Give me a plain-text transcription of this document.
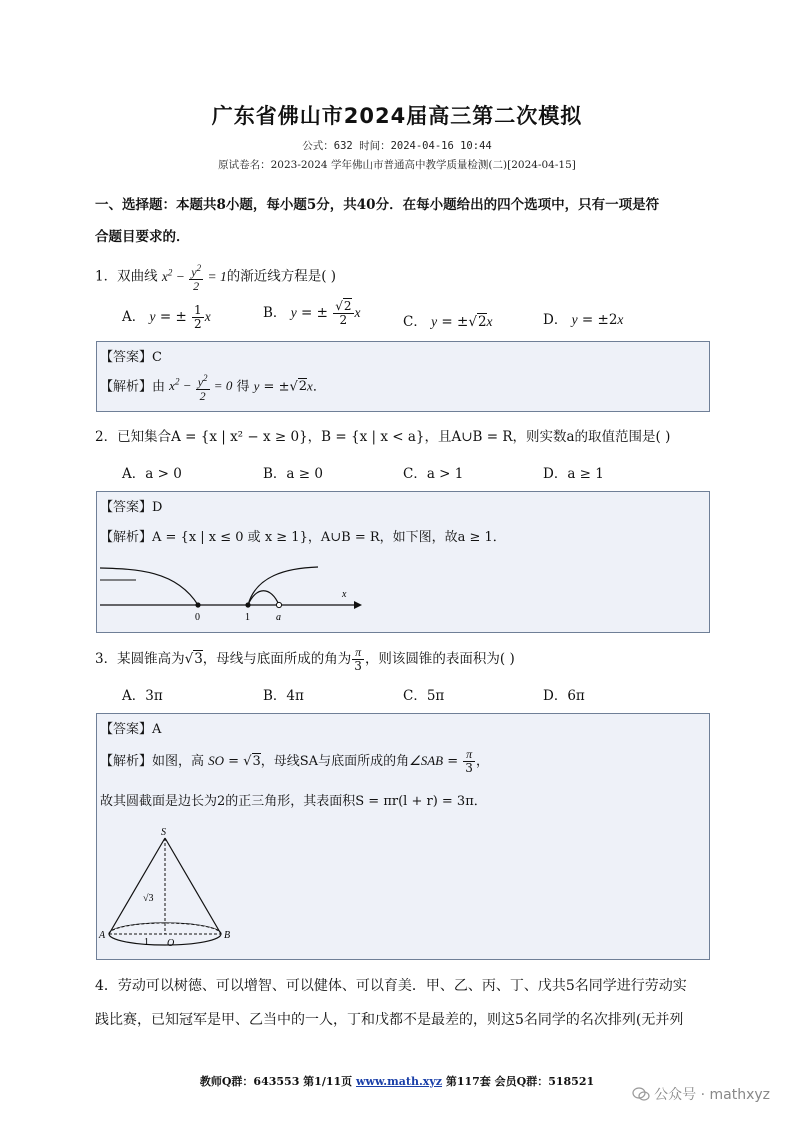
广东省佛山市2024届高三第二次模拟
公式：632 时间：2024-04-16 10:44
原试卷名：2023-2024 学年佛山市普通高中教学质量检测(二)[2024-04-15]
一、选择题：本题共8小题，每小题5分，共40分．在每小题给出的四个选项中，只有一项是符
合题目要求的．
1．双曲线 $x^2 - \frac{y^2}{2} = 1$的渐近线方程是( )
A． y = ± $\frac{1}{2}$ x	B． y = ± $\frac{√2}{2}$ x
C． y = ±√2x	D． y = ±2x
【答案】C
【解析】由 $x^2 - \frac{y^2}{2} = 0$ 得 y = ±√2x．
2．已知集合A = {x | x² − x ≥ 0}，B = {x | x < a}，且A∪B = R，则实数a的取值范围是( )
A．a > 0	B．a ≥ 0	C．a > 1	D．a ≥ 1
【答案】D
【解析】A = {x | x ≤ 0 或 x ≥ 1}，A∪B = R，如下图，故a ≥ 1．
0	1	a
x
3．某圆锥高为√3，母线与底面所成的角为 $\frac{\pi}{3}$ ，则该圆锥的表面积为( )
A．3π	B．4π	C．5π	D．6π
【答案】A
【解析】如图，高 SO = √3，母线SA与底面所成的角∠SAB = $\frac{\pi}{3}$ ，
故其圆截面是边长为2的正三角形，其表面积S = πr(l + r) = 3π．
S
A	B
O
1
√3
4．劳动可以树德、可以增智、可以健体、可以育美．甲、乙、丙、丁、戊共5名同学进行劳动实
践比赛，已知冠军是甲、乙当中的一人，丁和戊都不是最差的，则这5名同学的名次排列(无并列
教师Q群：643553 第1/11页 www.math.xyz 第117套 会员Q群：518521
公众号 · mathxyz
